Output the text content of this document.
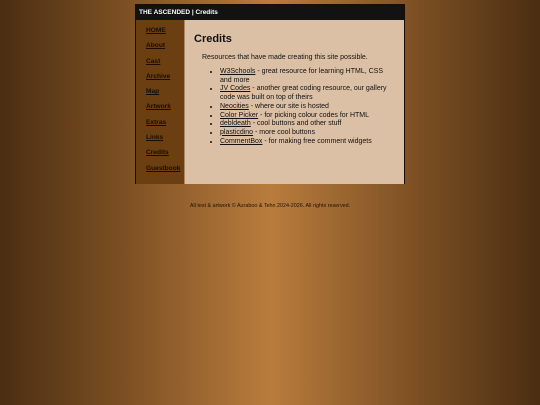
THE ASCENDED | Credits
HOME
About
Cast
Archive
Map
Artwork
Extras
Links
Credits
Guestbook
Credits

Resources that have made creating this site possible.

• W3Schools - great resource for learning HTML, CSS and more
• JV Codes - another great coding resource, our gallery code was built on top of theirs
• Neocities - where our site is hosted
• Color Picker - for picking colour codes for HTML
• debldeath - cool buttons and other stuff
• plasticdino - more cool buttons
• CommentBox - for making free comment widgets
All text & artwork © Auraboo & Tehn 2024-2026. All rights reserved.
